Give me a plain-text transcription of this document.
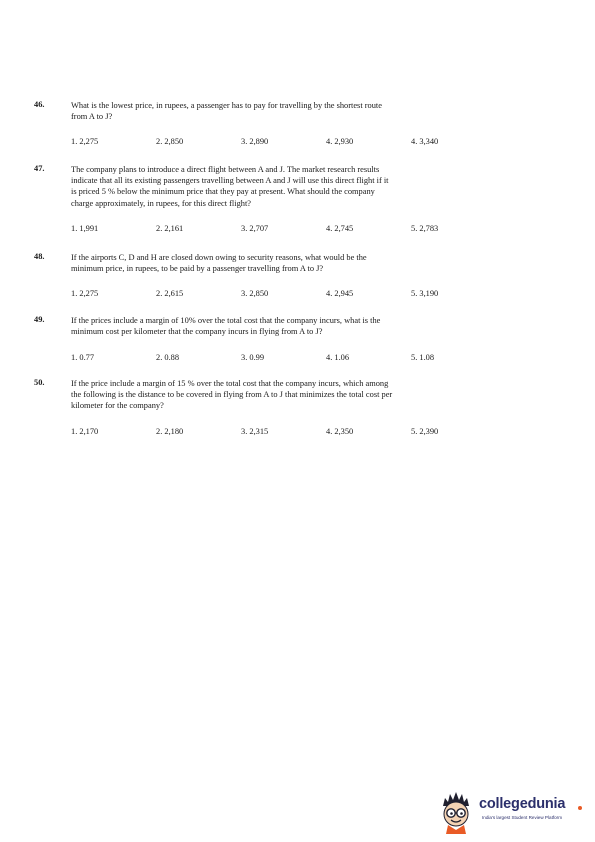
46.	What is the lowest price, in rupees, a passenger has to pay for travelling by the shortest route
from A to J?
1. 2,275	2. 2,850	3. 2,890	4. 2,930	4. 3,340
47.	The company plans to introduce a direct flight between A and J. The market research results
indicate that all its existing passengers travelling between A and J will use this direct flight if it
is priced 5 % below the minimum price that they pay at present. What should the company
charge approximately, in rupees, for this direct flight?
1. 1,991	2. 2,161	3. 2,707	4. 2,745	5. 2,783
48.	If the airports C, D and H are closed down owing to security reasons, what would be the
minimum price, in rupees, to be paid by a passenger travelling from A to J?
1. 2,275	2. 2,615	3. 2,850	4. 2,945	5. 3,190
49.	If the prices include a margin of 10% over the total cost that the company incurs, what is the
minimum cost per kilometer that the company incurs in flying from A to J?
1. 0.77	2. 0.88	3. 0.99	4. 1.06	5. 1.08
50.	If the price include a margin of 15 % over the total cost that the company incurs, which among
the following is the distance to be covered in flying from A to J that minimizes the total cost per
kilometer for the company?
1. 2,170	2. 2,180	3. 2,315	4. 2,350	5. 2,390
collegedunia
India's largest Student Review Platform
